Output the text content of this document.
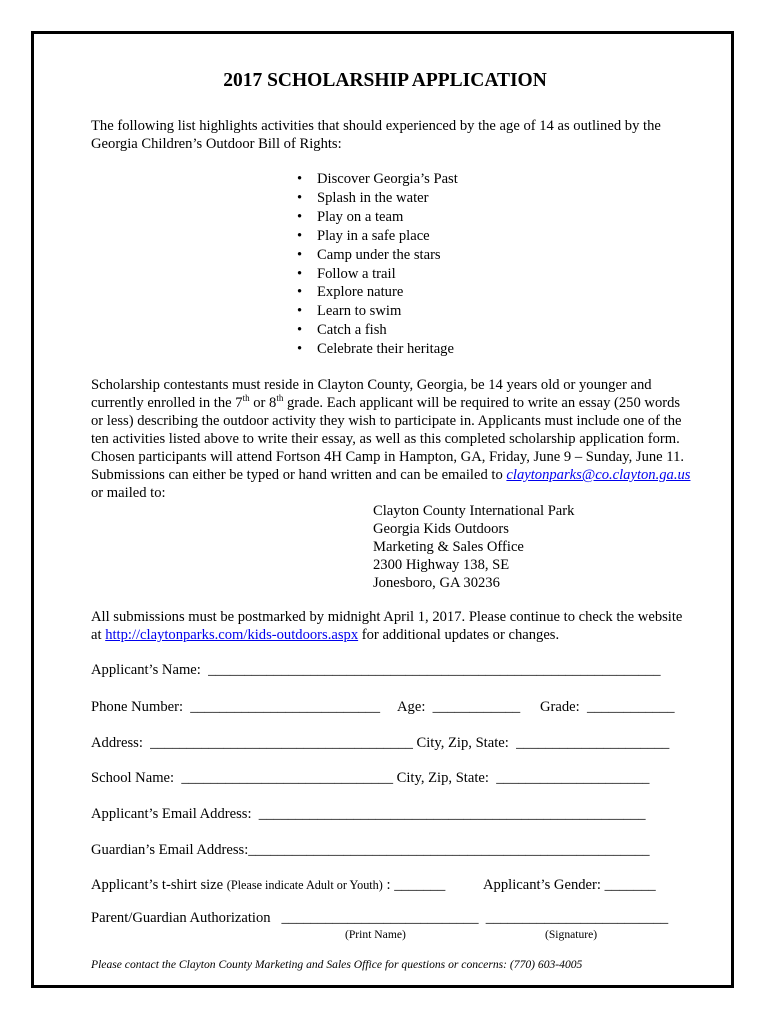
2017 SCHOLARSHIP APPLICATION
The following list highlights activities that should experienced by the age of 14 as outlined by the Georgia Children’s Outdoor Bill of Rights:
• Discover Georgia’s Past
• Splash in the water
• Play on a team
• Play in a safe place
• Camp under the stars
• Follow a trail
• Explore nature
• Learn to swim
• Catch a fish
• Celebrate their heritage
Scholarship contestants must reside in Clayton County, Georgia, be 14 years old or younger and currently enrolled in the 7th or 8th grade. Each applicant will be required to write an essay (250 words or less) describing the outdoor activity they wish to participate in. Applicants must include one of the ten activities listed above to write their essay, as well as this completed scholarship application form. Chosen participants will attend Fortson 4H Camp in Hampton, GA, Friday, June 9 – Sunday, June 11. Submissions can either be typed or hand written and can be emailed to claytonparks@co.clayton.ga.us or mailed to:
Clayton County International Park
Georgia Kids Outdoors
Marketing & Sales Office
2300 Highway 138, SE
Jonesboro, GA 30236
All submissions must be postmarked by midnight April 1, 2017. Please continue to check the website at http://claytonparks.com/kids-outdoors.aspx for additional updates or changes.
Applicant’s Name:  ______________________________________________________________
Phone Number:  __________________________ Age:  ____________ Grade:  ____________
Address:  ____________________________________ City, Zip, State:  _____________________
School Name:  _____________________________ City, Zip, State:  _____________________
Applicant’s Email Address:  _____________________________________________________
Guardian’s Email Address:_______________________________________________________
Applicant’s t-shirt size (Please indicate Adult or Youth) : _______	Applicant’s Gender: _______
Parent/Guardian Authorization   ___________________________  _________________________
(Print Name)	(Signature)
Please contact the Clayton County Marketing and Sales Office for questions or concerns: (770) 603-4005
